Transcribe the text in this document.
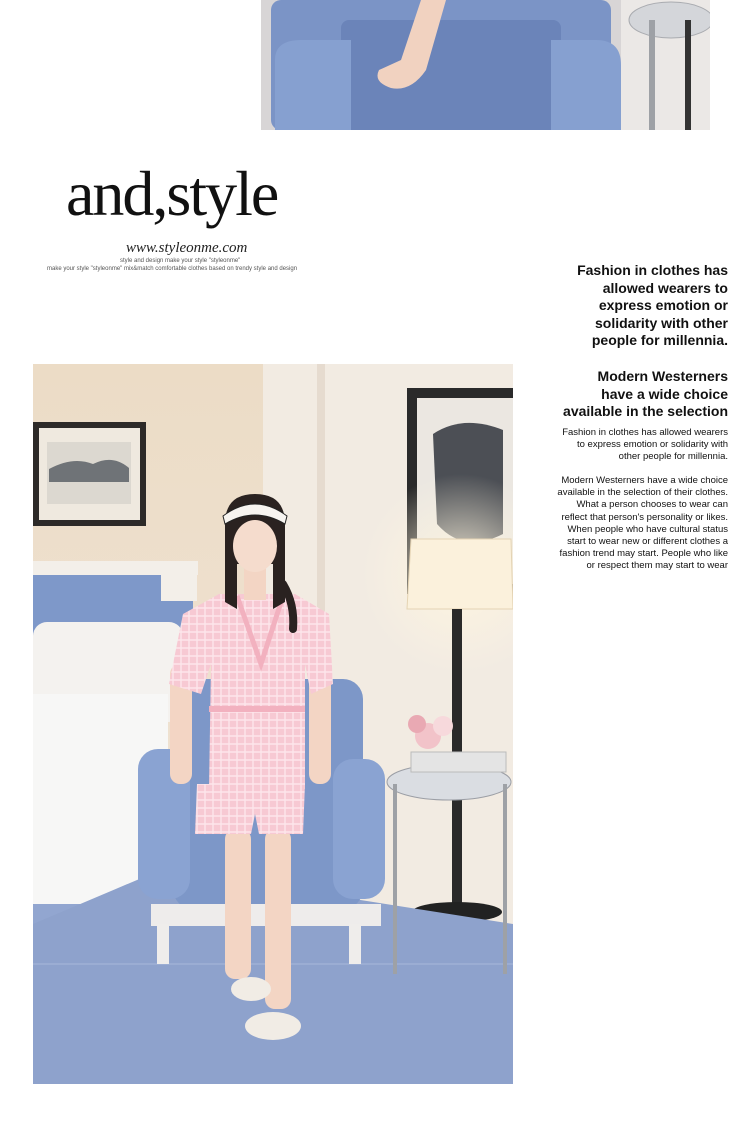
and,style
www.styleonme.com
style and design make your style "styleonme"
make your style "styleonme" mix&match comfortable clothes based on trendy style and design	Fashion in clothes has

allowed wearers to

express emotion or

solidarity with other

people for millennia.

Modern Westerners

have a wide choice

available in the selection

Fashion in clothes has allowed wearers

to express emotion or solidarity with

other people for millennia.

Modern Westerners have a wide choice

available in the selection of their clothes.

What a person chooses to wear can

reflect that person's personality or likes.

When people who have cultural status

start to wear new or different clothes a

fashion trend may start. People who like

or respect them may start to wear
